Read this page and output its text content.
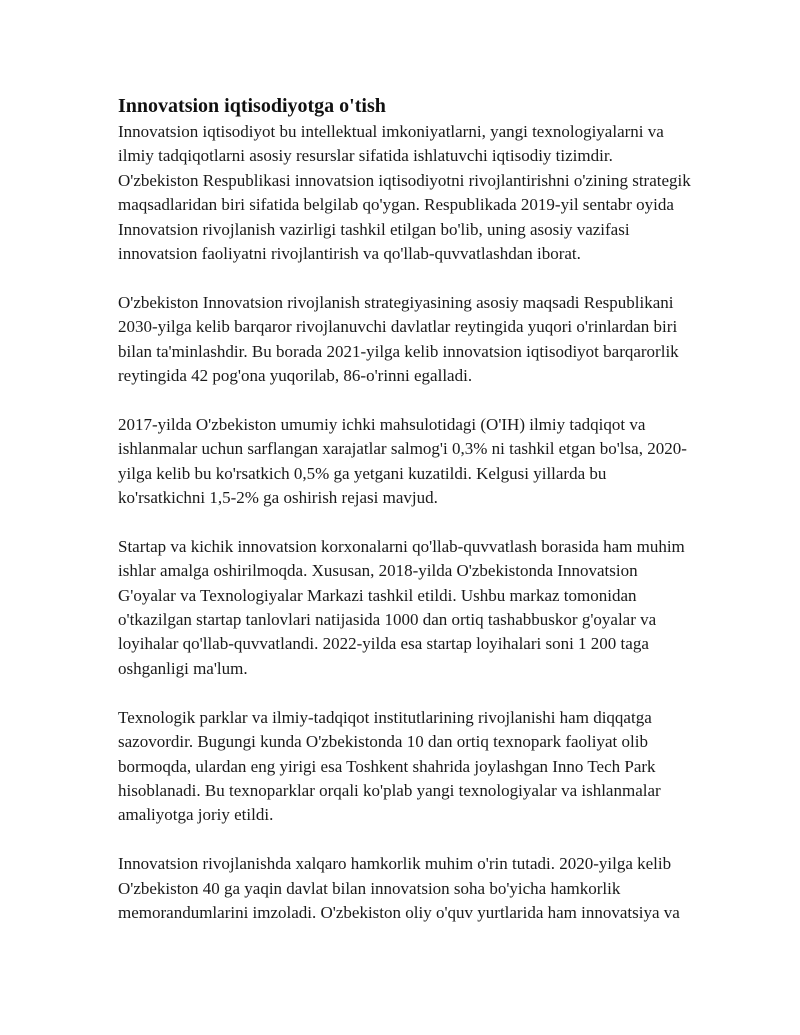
Innovatsion iqtisodiyotga o'tish

Innovatsion iqtisodiyot bu intellektual imkoniyatlarni, yangi texnologiyalarni va
ilmiy tadqiqotlarni asosiy resurslar sifatida ishlatuvchi iqtisodiy tizimdir.
O'zbekiston Respublikasi innovatsion iqtisodiyotni rivojlantirishni o'zining strategik
maqsadlaridan biri sifatida belgilab qo'ygan. Respublikada 2019-yil sentabr oyida
Innovatsion rivojlanish vazirligi tashkil etilgan bo'lib, uning asosiy vazifasi
innovatsion faoliyatni rivojlantirish va qo'llab-quvvatlashdan iborat.

O'zbekiston Innovatsion rivojlanish strategiyasining asosiy maqsadi Respublikani
2030-yilga kelib barqaror rivojlanuvchi davlatlar reytingida yuqori o'rinlardan biri
bilan ta'minlashdir. Bu borada 2021-yilga kelib innovatsion iqtisodiyot barqarorlik
reytingida 42 pog'ona yuqorilab, 86-o'rinni egalladi.

2017-yilda O'zbekiston umumiy ichki mahsulotidagi (O'IH) ilmiy tadqiqot va
ishlanmalar uchun sarflangan xarajatlar salmog'i 0,3% ni tashkil etgan bo'lsa, 2020-
yilga kelib bu ko'rsatkich 0,5% ga yetgani kuzatildi. Kelgusi yillarda bu
ko'rsatkichni 1,5-2% ga oshirish rejasi mavjud.

Startap va kichik innovatsion korxonalarni qo'llab-quvvatlash borasida ham muhim
ishlar amalga oshirilmoqda. Xususan, 2018-yilda O'zbekistonda Innovatsion
G'oyalar va Texnologiyalar Markazi tashkil etildi. Ushbu markaz tomonidan
o'tkazilgan startap tanlovlari natijasida 1000 dan ortiq tashabbuskor g'oyalar va
loyihalar qo'llab-quvvatlandi. 2022-yilda esa startap loyihalari soni 1 200 taga
oshganligi ma'lum.

Texnologik parklar va ilmiy-tadqiqot institutlarining rivojlanishi ham diqqatga
sazovordir. Bugungi kunda O'zbekistonda 10 dan ortiq texnopark faoliyat olib
bormoqda, ulardan eng yirigi esa Toshkent shahrida joylashgan Inno Tech Park
hisoblanadi. Bu texnoparklar orqali ko'plab yangi texnologiyalar va ishlanmalar
amaliyotga joriy etildi.

Innovatsion rivojlanishda xalqaro hamkorlik muhim o'rin tutadi. 2020-yilga kelib
O'zbekiston 40 ga yaqin davlat bilan innovatsion soha bo'yicha hamkorlik
memorandumlarini imzoladi. O'zbekiston oliy o'quv yurtlarida ham innovatsiya va
